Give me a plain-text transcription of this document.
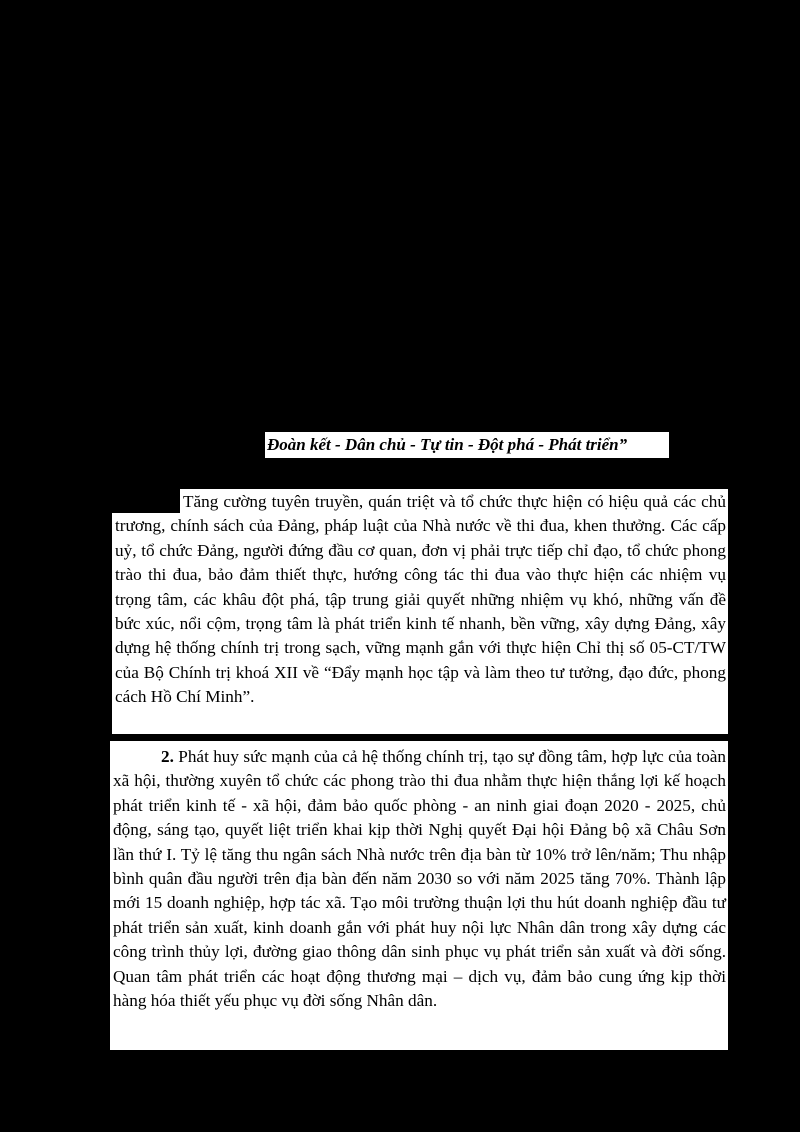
Đoàn kết - Dân chủ - Tự tin - Đột phá - Phát triển”

Tăng cường tuyên truyền, quán triệt và tổ chức thực hiện có hiệu quả các chủ trương, chính sách của Đảng, pháp luật của Nhà nước về thi đua, khen thưởng. Các cấp uỷ, tổ chức Đảng, người đứng đầu cơ quan, đơn vị phải trực tiếp chỉ đạo, tổ chức phong trào thi đua, bảo đảm thiết thực, hướng công tác thi đua vào thực hiện các nhiệm vụ trọng tâm, các khâu đột phá, tập trung giải quyết những nhiệm vụ khó, những vấn đề bức xúc, nổi cộm, trọng tâm là phát triển kinh tế nhanh, bền vững, xây dựng Đảng, xây dựng hệ thống chính trị trong sạch, vững mạnh gắn với thực hiện Chỉ thị số 05-CT/TW của Bộ Chính trị khoá XII về “Đẩy mạnh học tập và làm theo tư tưởng, đạo đức, phong cách Hồ Chí Minh”.

2. Phát huy sức mạnh của cả hệ thống chính trị, tạo sự đồng tâm, hợp lực của toàn xã hội, thường xuyên tổ chức các phong trào thi đua nhằm thực hiện thắng lợi kế hoạch phát triển kinh tế - xã hội, đảm bảo quốc phòng - an ninh giai đoạn 2020 - 2025, chủ động, sáng tạo, quyết liệt triển khai kịp thời Nghị quyết Đại hội Đảng bộ xã Châu Sơn lần thứ I. Tỷ lệ tăng thu ngân sách Nhà nước trên địa bàn từ 10% trở lên/năm; Thu nhập bình quân đầu người trên địa bàn đến năm 2030 so với năm 2025 tăng 70%. Thành lập mới 15 doanh nghiệp, hợp tác xã. Tạo môi trường thuận lợi thu hút doanh nghiệp đầu tư phát triển sản xuất, kinh doanh gắn với phát huy nội lực Nhân dân trong xây dựng các công trình thủy lợi, đường giao thông dân sinh phục vụ phát triển sản xuất và đời sống. Quan tâm phát triển các hoạt động thương mại – dịch vụ, đảm bảo cung ứng kịp thời hàng hóa thiết yếu phục vụ đời sống Nhân dân.
